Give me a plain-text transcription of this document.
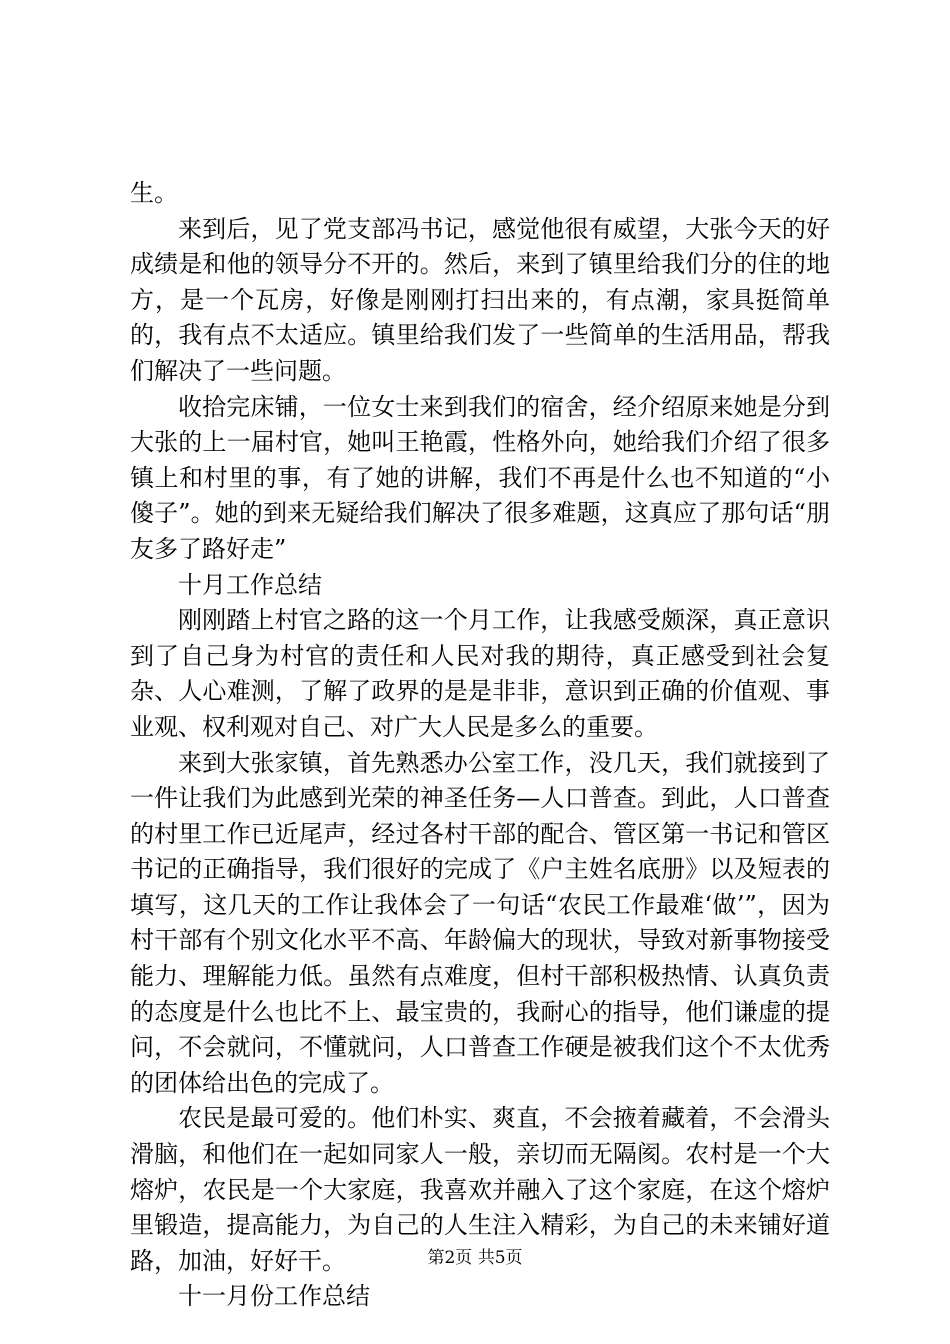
生。

来到后，见了党支部冯书记，感觉他很有威望，大张今天的好成绩是和他的领导分不开的。然后，来到了镇里给我们分的住的地方，是一个瓦房，好像是刚刚打扫出来的，有点潮，家具挺简单的，我有点不太适应。镇里给我们发了一些简单的生活用品，帮我们解决了一些问题。

收拾完床铺，一位女士来到我们的宿舍，经介绍原来她是分到大张的上一届村官，她叫王艳霞，性格外向，她给我们介绍了很多镇上和村里的事，有了她的讲解，我们不再是什么也不知道的“小傻子”。她的到来无疑给我们解决了很多难题，这真应了那句话“朋友多了路好走”

十月工作总结

刚刚踏上村官之路的这一个月工作，让我感受颇深，真正意识到了自己身为村官的责任和人民对我的期待，真正感受到社会复杂、人心难测，了解了政界的是是非非，意识到正确的价值观、事业观、权利观对自己、对广大人民是多么的重要。

来到大张家镇，首先熟悉办公室工作，没几天，我们就接到了一件让我们为此感到光荣的神圣任务—人口普查。到此，人口普查的村里工作已近尾声，经过各村干部的配合、管区第一书记和管区书记的正确指导，我们很好的完成了《户主姓名底册》以及短表的填写，这几天的工作让我体会了一句话“农民工作最难‘做’”，因为村干部有个别文化水平不高、年龄偏大的现状，导致对新事物接受能力、理解能力低。虽然有点难度，但村干部积极热情、认真负责的态度是什么也比不上、最宝贵的，我耐心的指导，他们谦虚的提问，不会就问，不懂就问，人口普查工作硬是被我们这个不太优秀的团体给出色的完成了。

农民是最可爱的。他们朴实、爽直，不会掖着藏着，不会滑头滑脑，和他们在一起如同家人一般，亲切而无隔阂。农村是一个大熔炉，农民是一个大家庭，我喜欢并融入了这个家庭，在这个熔炉里锻造，提高能力，为自己的人生注入精彩，为自己的未来铺好道路，加油，好好干。

十一月份工作总结

第2页 共5页
